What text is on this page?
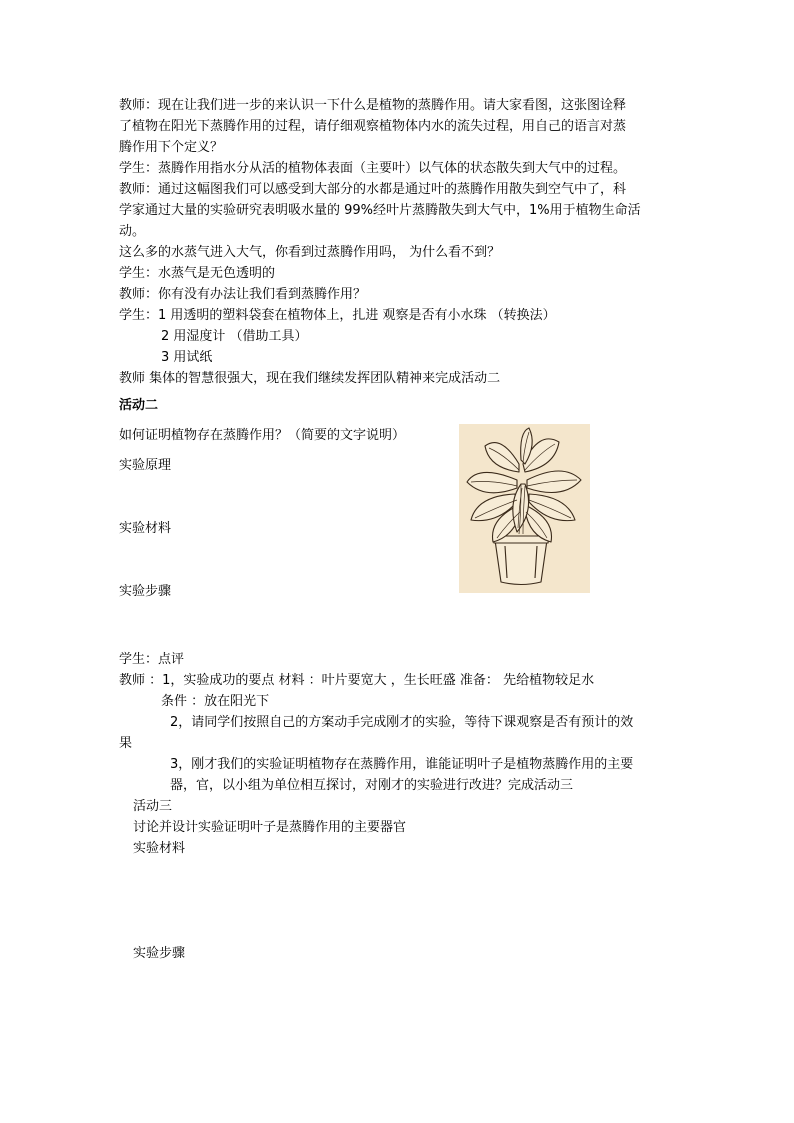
教师：现在让我们进一步的来认识一下什么是植物的蒸腾作用。请大家看图，这张图诠释
了植物在阳光下蒸腾作用的过程，请仔细观察植物体内水的流失过程，用自己的语言对蒸
腾作用下个定义？
学生：蒸腾作用指水分从活的植物体表面（主要叶）以气体的状态散失到大气中的过程。
教师：通过这幅图我们可以感受到大部分的水都是通过叶的蒸腾作用散失到空气中了，科
学家通过大量的实验研究表明吸水量的 99%经叶片蒸腾散失到大气中，1%用于植物生命活
动。
这么多的水蒸气进入大气，你看到过蒸腾作用吗， 为什么看不到？
学生：水蒸气是无色透明的
教师：你有没有办法让我们看到蒸腾作用？
学生：1 用透明的塑料袋套在植物体上，扎进 观察是否有小水珠 （转换法）
2 用湿度计 （借助工具）
3 用试纸
教师 集体的智慧很强大，现在我们继续发挥团队精神来完成活动二
活动二
如何证明植物存在蒸腾作用？（简要的文字说明）
实验原理
实验材料
实验步骤
学生：点评
教师 ：1，实验成功的要点 材料 ：叶片要宽大 ，生长旺盛 准备： 先给植物较足水
条件 ：放在阳光下
2，请同学们按照自己的方案动手完成刚才的实验，等待下课观察是否有预计的效
果
3，刚才我们的实验证明植物存在蒸腾作用，谁能证明叶子是植物蒸腾作用的主要
器，官，以小组为单位相互探讨，对刚才的实验进行改进？完成活动三
活动三
讨论并设计实验证明叶子是蒸腾作用的主要器官
实验材料
实验步骤
